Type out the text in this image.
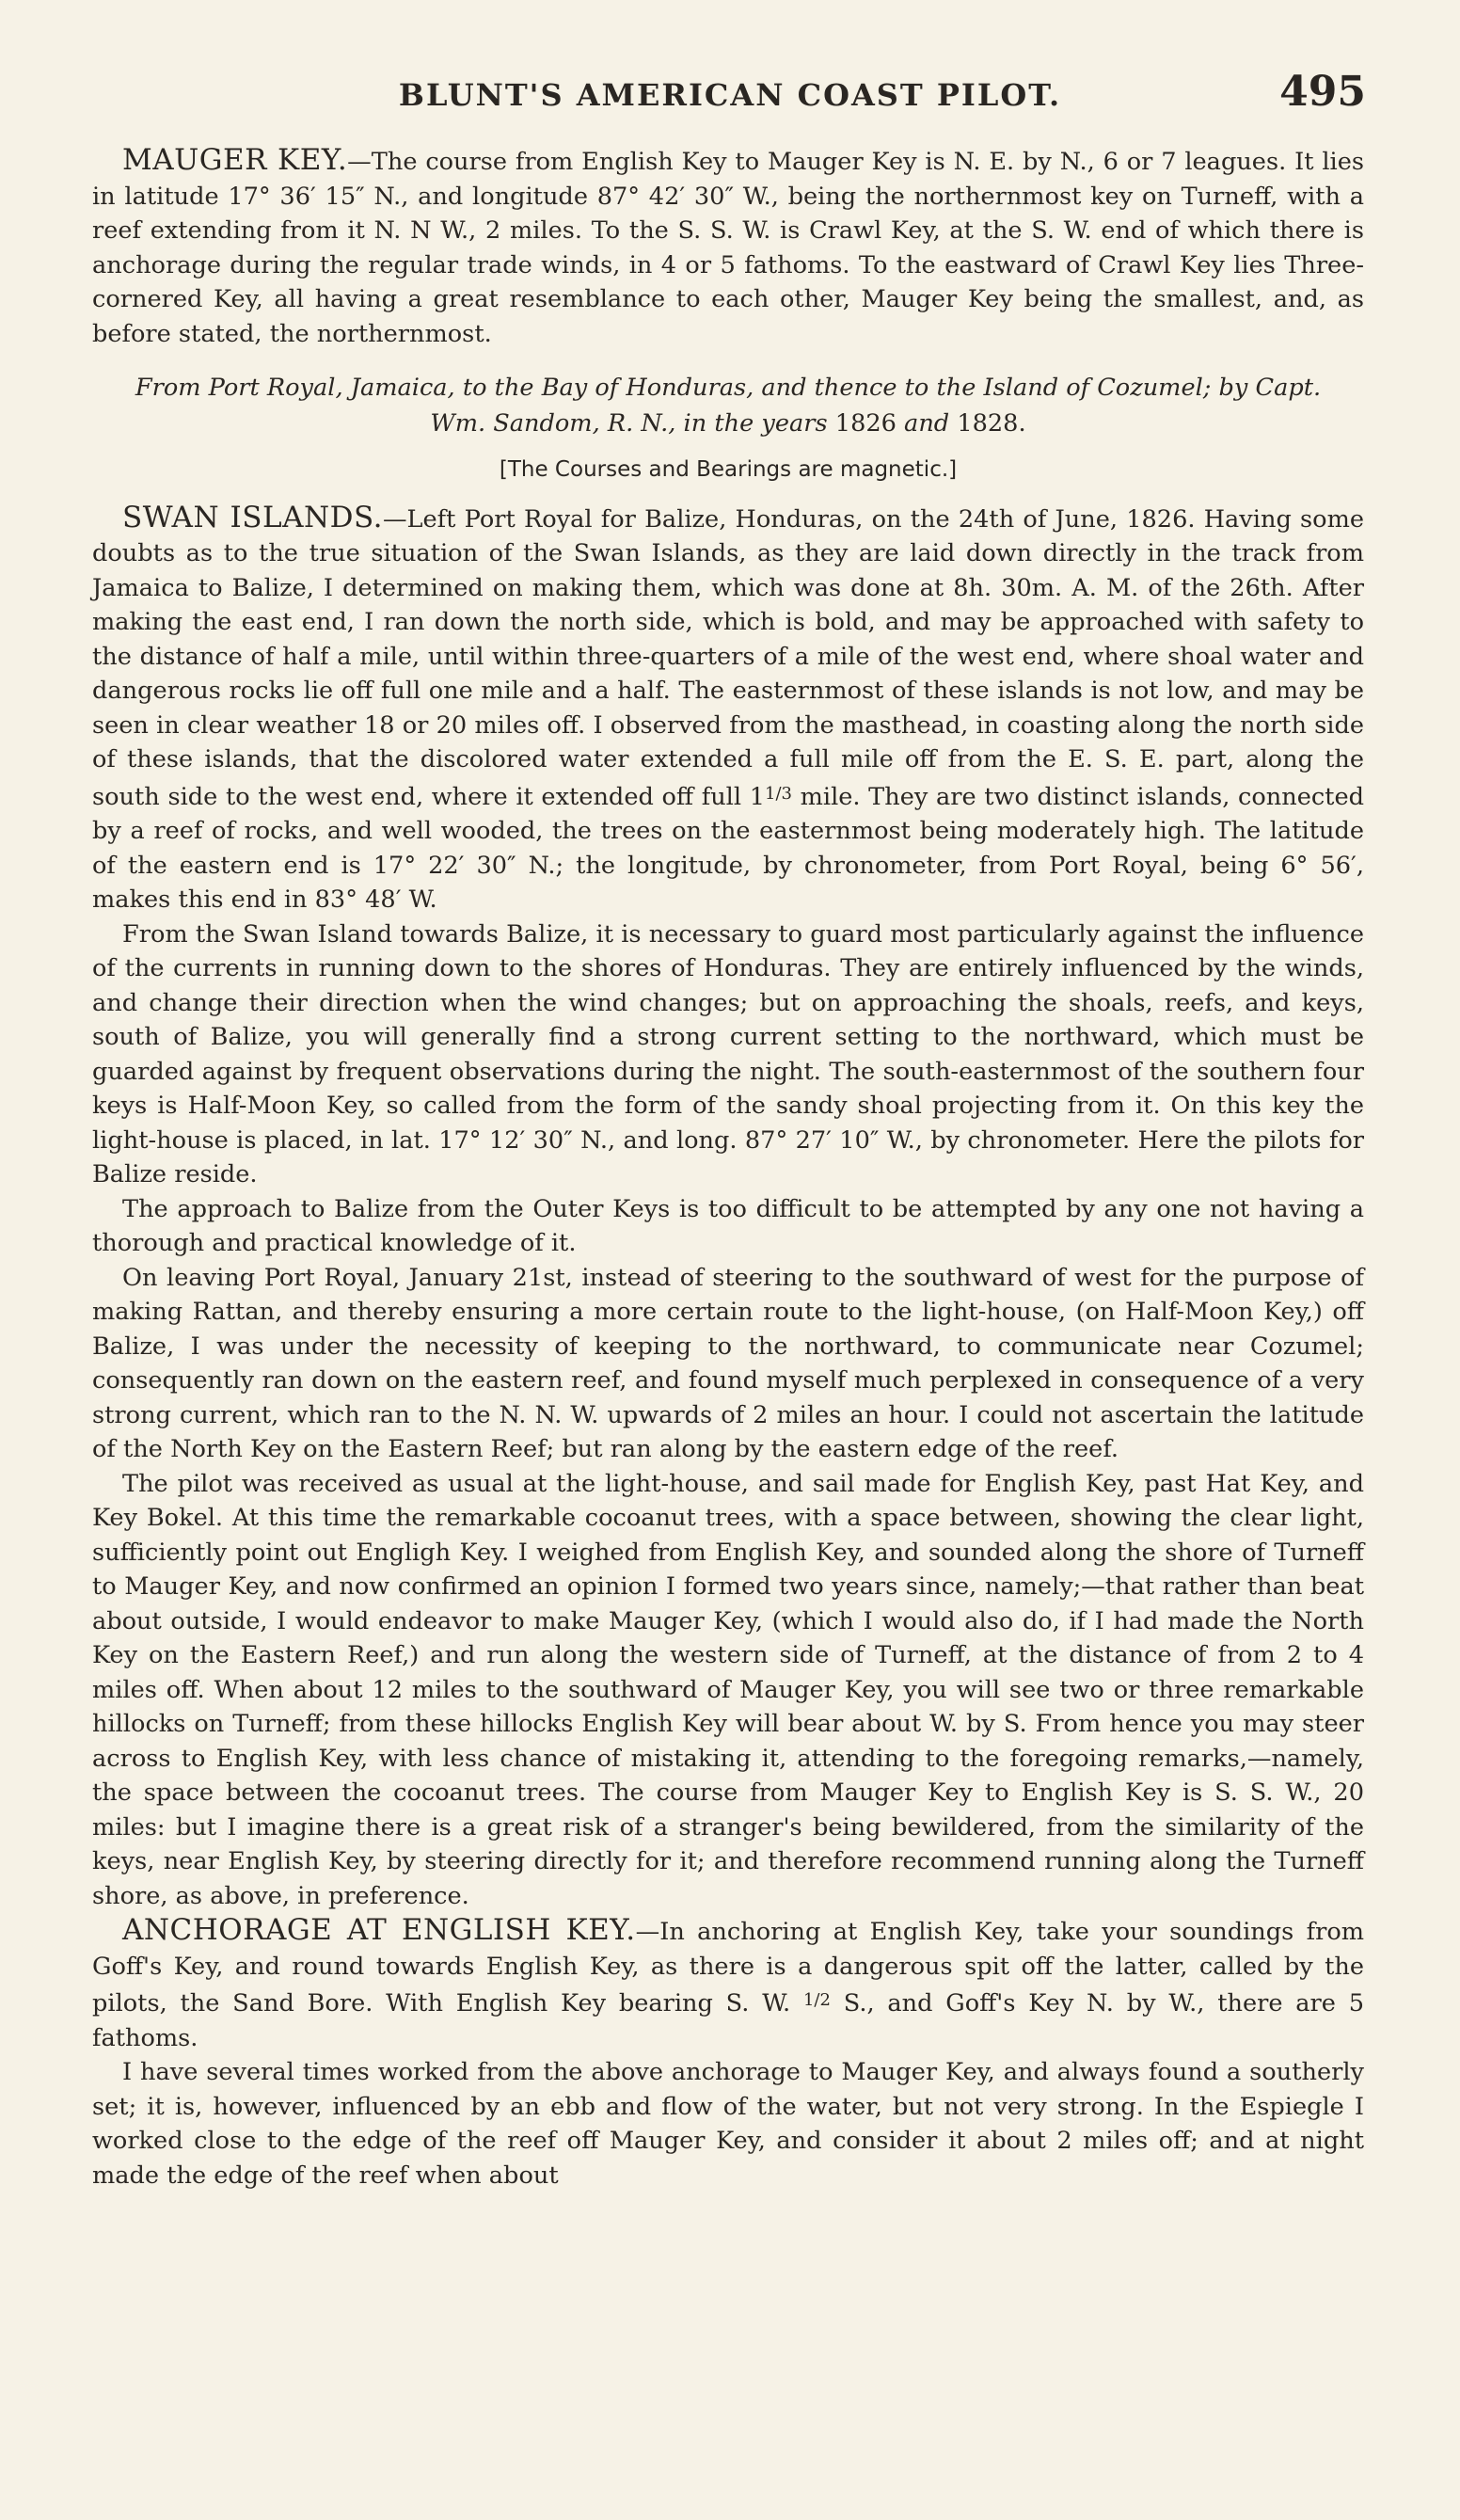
BLUNT'S AMERICAN COAST PILOT.	495

MAUGER KEY.—The course from English Key to Mauger Key is N. E. by N., 6 or 7 leagues. It lies in latitude 17° 36′ 15″ N., and longitude 87° 42′ 30″ W., being the northernmost key on Turneff, with a reef extending from it N. N W., 2 miles. To the S. S. W. is Crawl Key, at the S. W. end of which there is anchorage during the regular trade winds, in 4 or 5 fathoms. To the eastward of Crawl Key lies Three-cornered Key, all having a great resemblance to each other, Mauger Key being the smallest, and, as before stated, the northernmost.

From Port Royal, Jamaica, to the Bay of Honduras, and thence to the Island of Cozumel; by Capt. Wm. Sandom, R. N., in the years 1826 and 1828.

[The Courses and Bearings are magnetic.]

SWAN ISLANDS.—Left Port Royal for Balize, Honduras, on the 24th of June, 1826. Having some doubts as to the true situation of the Swan Islands, as they are laid down directly in the track from Jamaica to Balize, I determined on making them, which was done at 8h. 30m. A. M. of the 26th. After making the east end, I ran down the north side, which is bold, and may be approached with safety to the distance of half a mile, until within three-quarters of a mile of the west end, where shoal water and dangerous rocks lie off full one mile and a half. The easternmost of these islands is not low, and may be seen in clear weather 18 or 20 miles off. I observed from the masthead, in coasting along the north side of these islands, that the discolored water extended a full mile off from the E. S. E. part, along the south side to the west end, where it extended off full $1^{1/3}$ mile. They are two distinct islands, connected by a reef of rocks, and well wooded, the trees on the easternmost being moderately high. The latitude of the eastern end is 17° 22′ 30″ N.; the longitude, by chronometer, from Port Royal, being 6° 56′, makes this end in 83° 48′ W.

From the Swan Island towards Balize, it is necessary to guard most particularly against the influence of the currents in running down to the shores of Honduras. They are entirely influenced by the winds, and change their direction when the wind changes; but on approaching the shoals, reefs, and keys, south of Balize, you will generally find a strong current setting to the northward, which must be guarded against by frequent observations during the night. The south-easternmost of the southern four keys is Half-Moon Key, so called from the form of the sandy shoal projecting from it. On this key the light-house is placed, in lat. 17° 12′ 30″ N., and long. 87° 27′ 10″ W., by chronometer. Here the pilots for Balize reside.

The approach to Balize from the Outer Keys is too difficult to be attempted by any one not having a thorough and practical knowledge of it.

On leaving Port Royal, January 21st, instead of steering to the southward of west for the purpose of making Rattan, and thereby ensuring a more certain route to the light-house, (on Half-Moon Key,) off Balize, I was under the necessity of keeping to the northward, to communicate near Cozumel; consequently ran down on the eastern reef, and found myself much perplexed in consequence of a very strong current, which ran to the N. N. W. upwards of 2 miles an hour. I could not ascertain the latitude of the North Key on the Eastern Reef; but ran along by the eastern edge of the reef.

The pilot was received as usual at the light-house, and sail made for English Key, past Hat Key, and Key Bokel. At this time the remarkable cocoanut trees, with a space between, showing the clear light, sufficiently point out Engligh Key. I weighed from English Key, and sounded along the shore of Turneff to Mauger Key, and now confirmed an opinion I formed two years since, namely;—that rather than beat about outside, I would endeavor to make Mauger Key, (which I would also do, if I had made the North Key on the Eastern Reef,) and run along the western side of Turneff, at the distance of from 2 to 4 miles off. When about 12 miles to the southward of Mauger Key, you will see two or three remarkable hillocks on Turneff; from these hillocks English Key will bear about W. by S. From hence you may steer across to English Key, with less chance of mistaking it, attending to the foregoing remarks,—namely, the space between the cocoanut trees. The course from Mauger Key to English Key is S. S. W., 20 miles: but I imagine there is a great risk of a stranger's being bewildered, from the similarity of the keys, near English Key, by steering directly for it; and therefore recommend running along the Turneff shore, as above, in preference.

ANCHORAGE AT ENGLISH KEY.—In anchoring at English Key, take your soundings from Goff's Key, and round towards English Key, as there is a dangerous spit off the latter, called by the pilots, the Sand Bore. With English Key bearing S. W. $^{1/2}$ S., and Goff's Key N. by W., there are 5 fathoms.

I have several times worked from the above anchorage to Mauger Key, and always found a southerly set; it is, however, influenced by an ebb and flow of the water, but not very strong. In the Espiegle I worked close to the edge of the reef off Mauger Key, and consider it about 2 miles off; and at night made the edge of the reef when about
